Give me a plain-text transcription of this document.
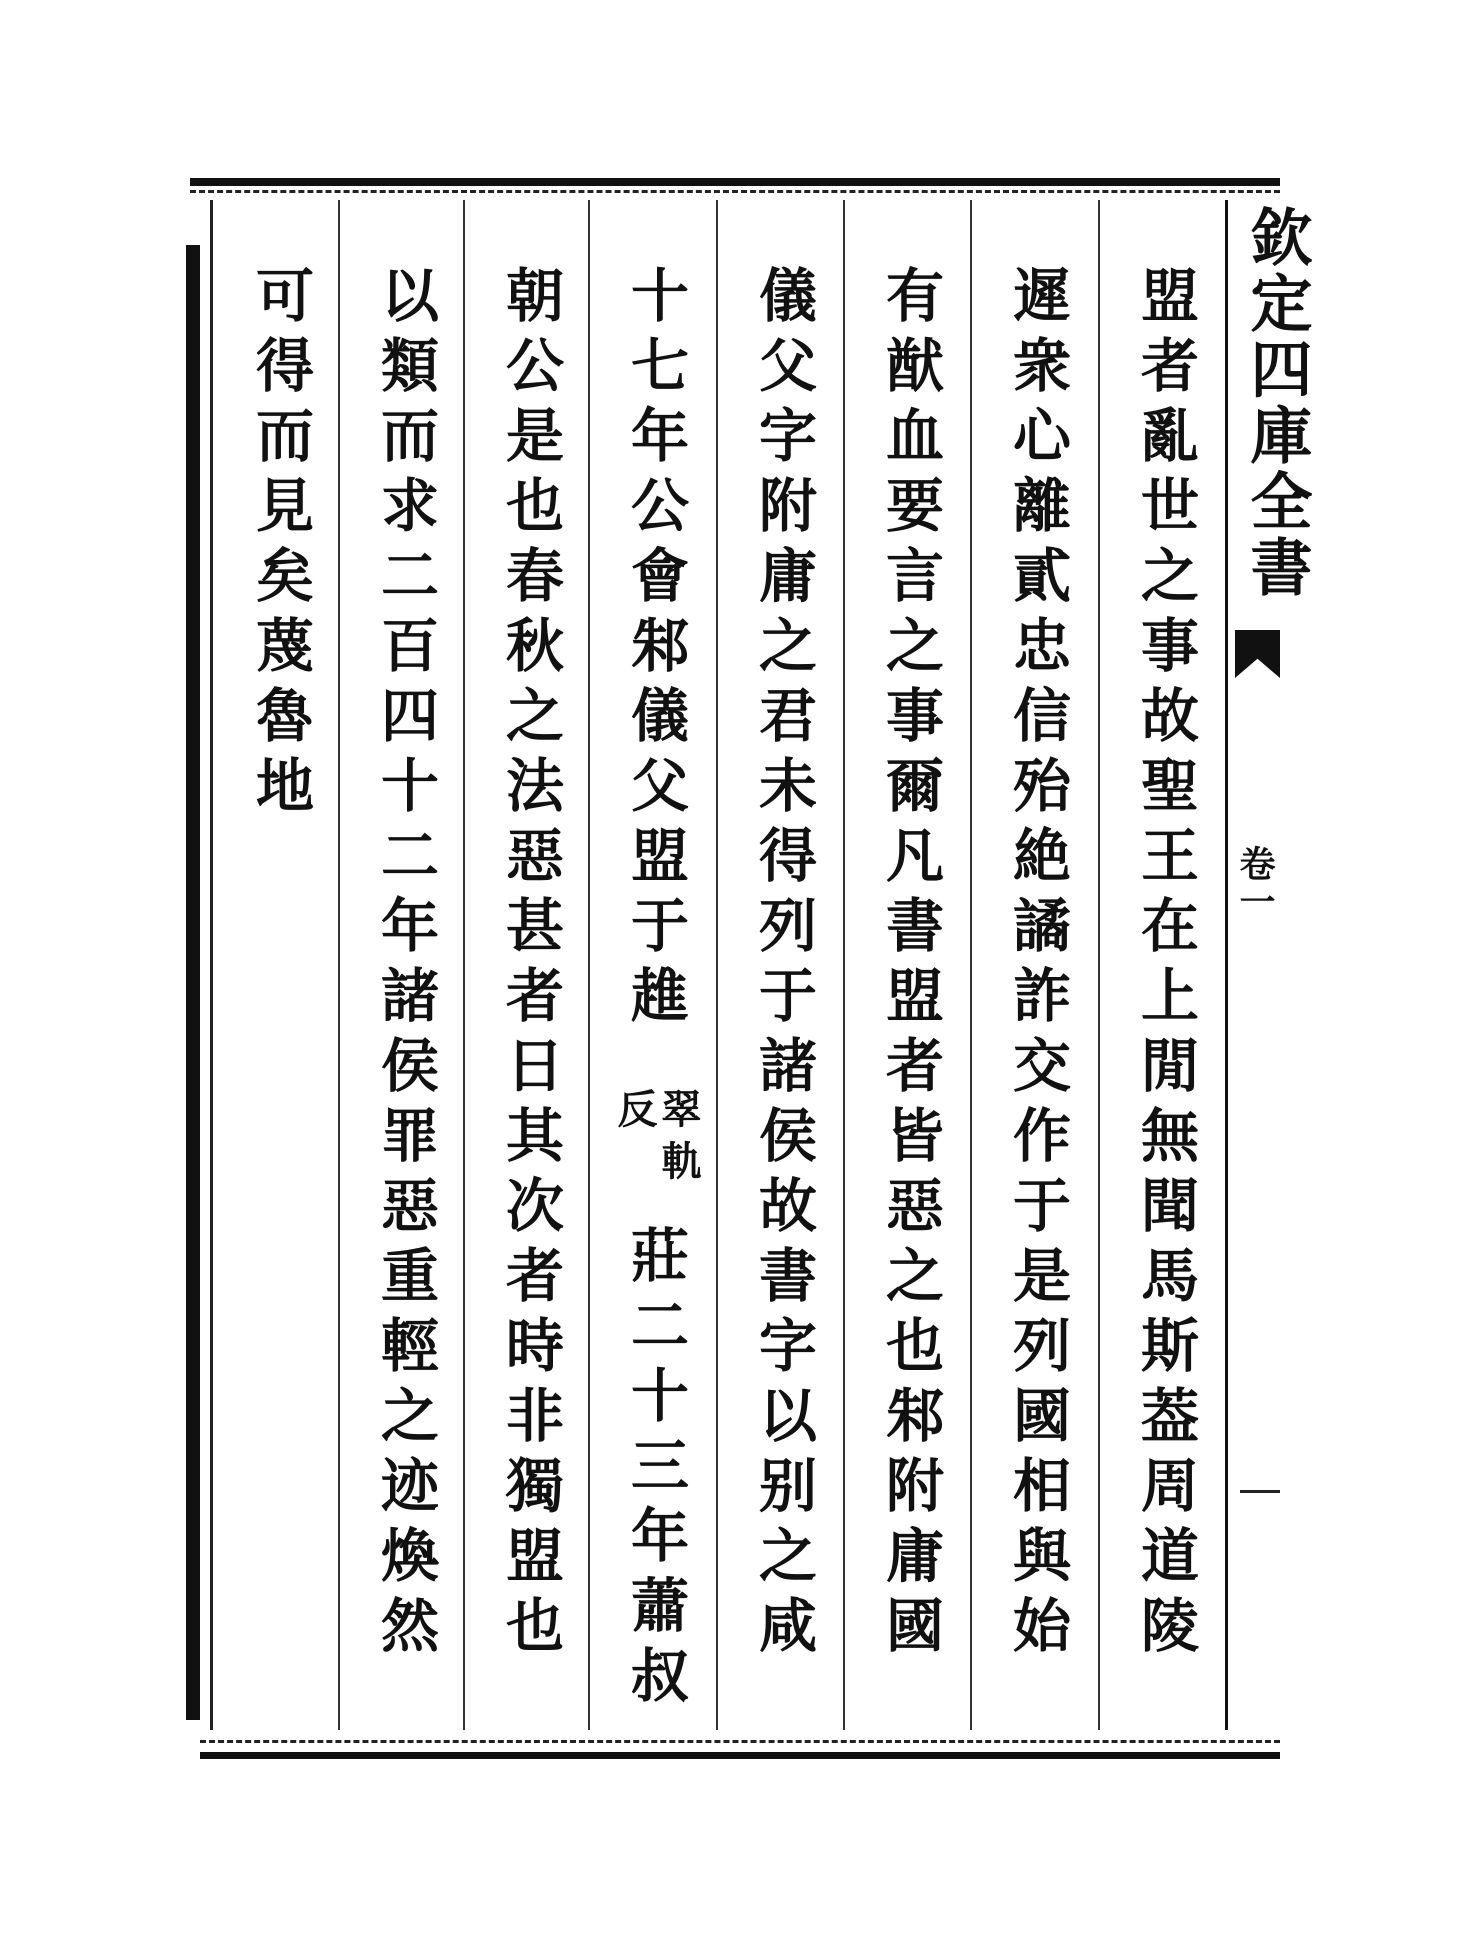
盟者亂世之事故聖王在上閒無聞馬斯葢周道陵
遲衆心離貳忠信殆絶譎詐交作于是列國相與始
有猷血要言之事爾凡書盟者皆惡之也邾附庸國
儀父字附庸之君未得列于諸侯故書字以别之咸
十七年公會邾儀父盟于趡
莊二十三年蕭叔
朝公是也春秋之法惡甚者日其次者時非獨盟也
以類而求二百四十二年諸侯罪惡重輕之迹煥然
可得而見矣蔑魯地
翠
軌
反
欽定四庫全書
卷一
